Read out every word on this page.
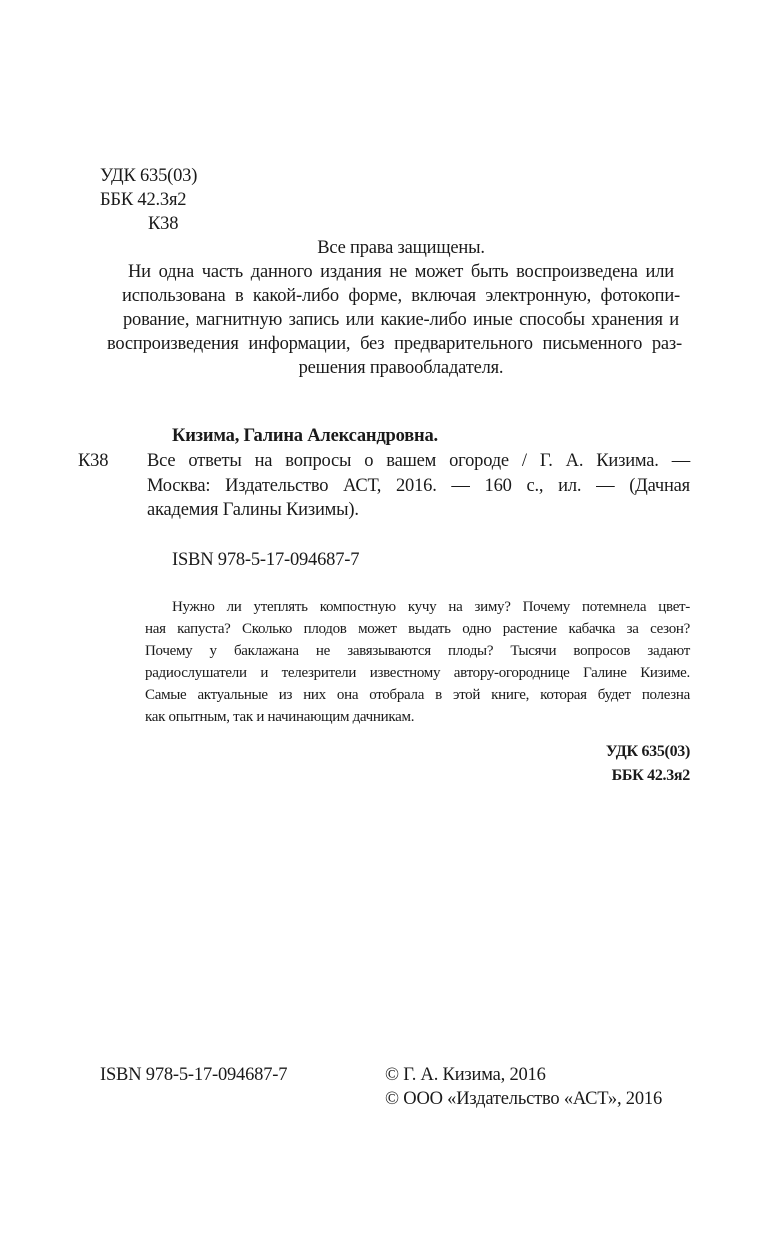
УДК 635(03)
ББК 42.3я2
К38
Все права защищены.
Ни одна часть данного издания не может быть воспроизведена или
использована в какой-либо форме, включая электронную, фотокопи-
рование, магнитную запись или какие-либо иные способы хранения и
воспроизведения информации, без предварительного письменного раз-
решения правообладателя.
Кизима, Галина Александровна.
К38 Все ответы на вопросы о вашем огороде / Г. А. Кизима. —
Москва: Издательство АСТ, 2016. — 160 с., ил. — (Дачная
академия Галины Кизимы).
ISBN 978-5-17-094687-7
Нужно ли утеплять компостную кучу на зиму? Почему потемнела цвет-
ная капуста? Сколько плодов может выдать одно растение кабачка за сезон?
Почему у баклажана не завязываются плоды? Тысячи вопросов задают
радиослушатели и телезрители известному автору-огороднице Галине Кизиме.
Самые актуальные из них она отобрала в этой книге, которая будет полезна
как опытным, так и начинающим дачникам.
УДК 635(03)
ББК 42.3я2
ISBN 978-5-17-094687-7	© Г. А. Кизима, 2016
© ООО «Издательство «АСТ», 2016
